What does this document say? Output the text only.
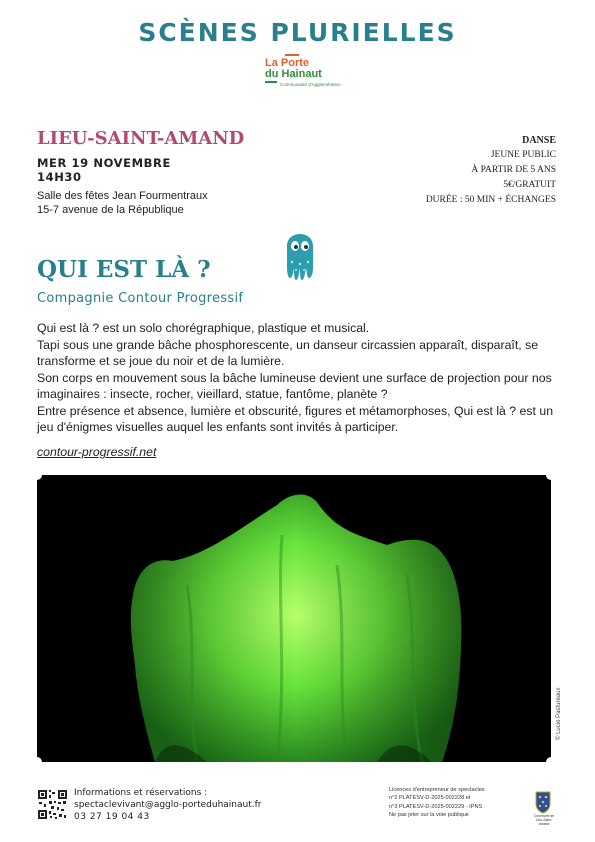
SCÈNES PLURIELLES
La Porte
du Hainaut
Communauté d'Agglomération
LIEU-SAINT-AMAND
MER 19 NOVEMBRE
14H30
Salle des fêtes Jean Fourmentraux
15-7 avenue de la République
DANSE
JEUNE PUBLIC
À PARTIR DE 5 ANS
5€/GRATUIT
DURÉE : 50 MIN + ÉCHANGES
QUI EST LÀ ?
Compagnie Contour Progressif

Qui est là ? est un solo chorégraphique, plastique et musical.

Tapi sous une grande bâche phosphorescente, un danseur circassien apparaît, disparaît, se transforme et se joue du noir et de la lumière.

Son corps en mouvement sous la bâche lumineuse devient une surface de projection pour nos imaginaires : insecte, rocher, vieillard, statue, fantôme, planète ?

Entre présence et absence, lumière et obscurité, figures et métamorphoses, Qui est là ? est un jeu d'énigmes visuelles auquel les enfants sont invités à participer.

contour-progressif.net
© Lucie Pastureaux
Informations et réservations :
spectaclevivant@agglo-porteduhainaut.fr
03 27 19 04 43
Licences d'entrepreneur de spectacles
n°2 PLATESV-D-2025-002228 et
n°3 PLATESV-D-2025-002229 - IPNS
Ne pas jeter sur la voie publique	Commune de Lieu-Saint-Amand
